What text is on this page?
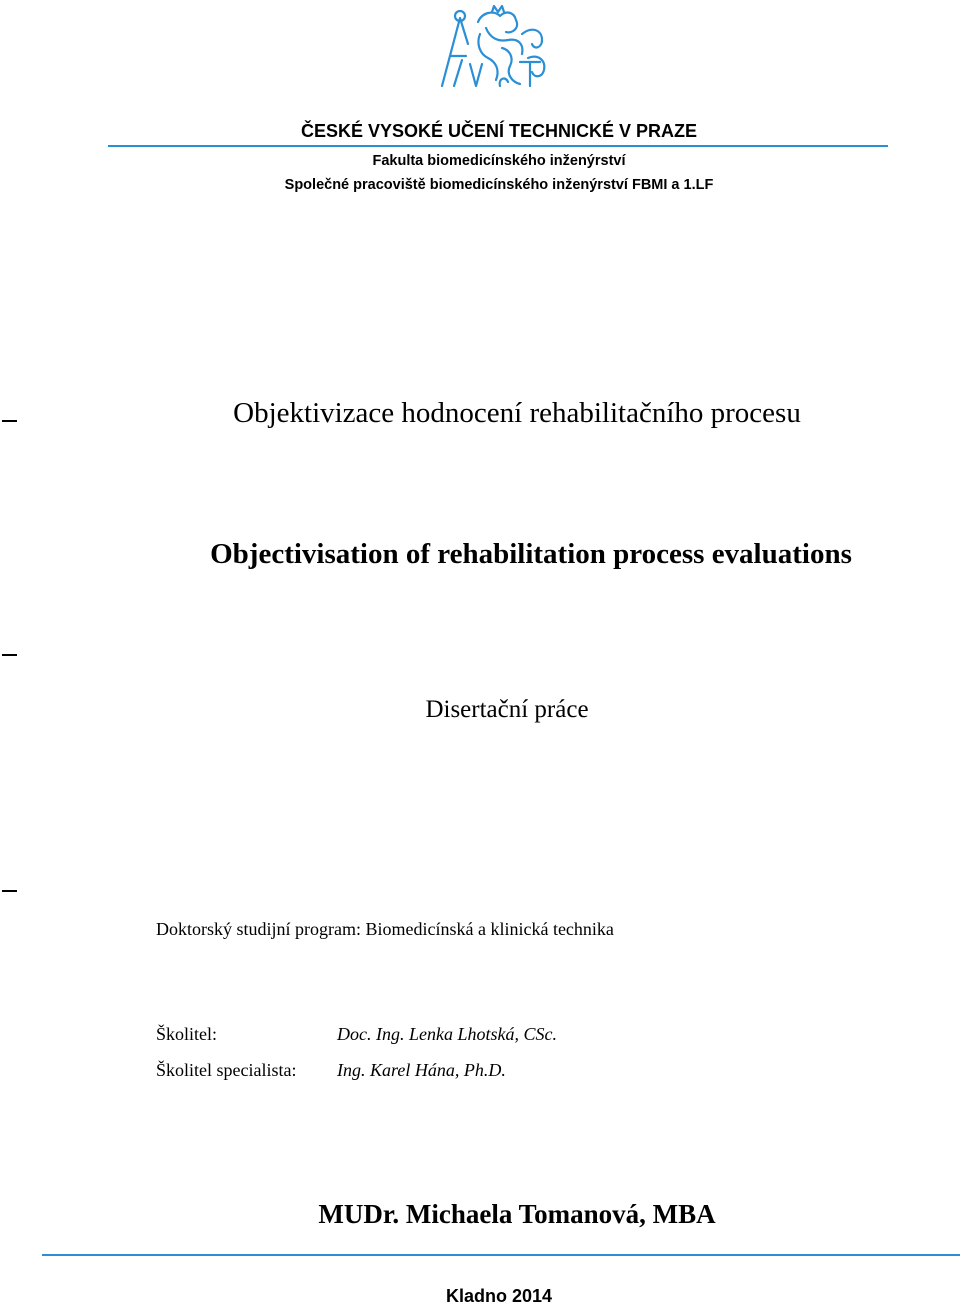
ČESKÉ VYSOKÉ UČENÍ TECHNICKÉ V PRAZE
Fakulta biomedicínského inženýrství
Společné pracoviště biomedicínského inženýrství FBMI a 1.LF
Objektivizace hodnocení rehabilitačního procesu
Objectivisation of rehabilitation process evaluations
Disertační práce
Doktorský studijní program: Biomedicínská a klinická technika
Školitel:	Doc. Ing. Lenka Lhotská, CSc.
Školitel specialista: Ing. Karel Hána, Ph.D.
MUDr. Michaela Tomanová, MBA
Kladno 2014
